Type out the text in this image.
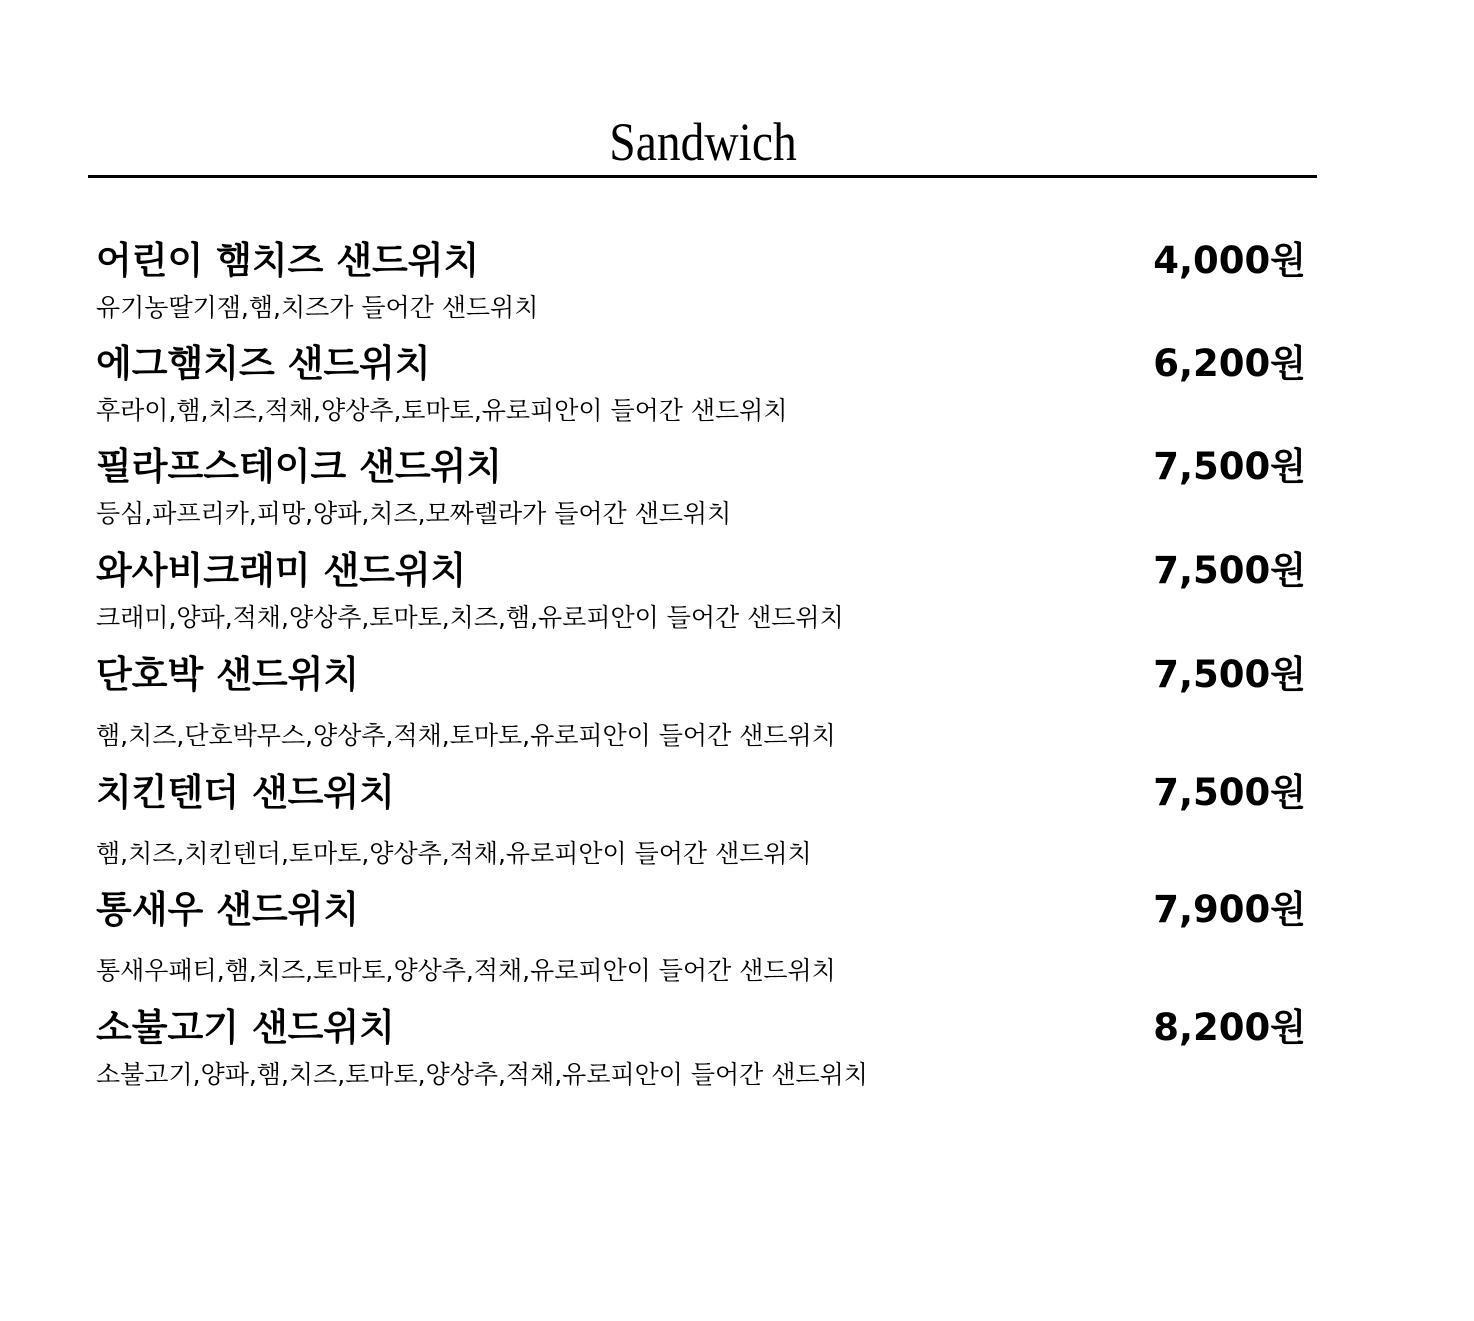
Sandwich
어린이 햄치즈 샌드위치	4,000원
유기농딸기잼,햄,치즈가 들어간 샌드위치
에그햄치즈 샌드위치	6,200원
후라이,햄,치즈,적채,양상추,토마토,유로피안이 들어간 샌드위치
필라프스테이크 샌드위치	7,500원
등심,파프리카,피망,양파,치즈,모짜렐라가 들어간 샌드위치
와사비크래미 샌드위치	7,500원
크래미,양파,적채,양상추,토마토,치즈,햄,유로피안이 들어간 샌드위치
단호박 샌드위치	7,500원
햄,치즈,단호박무스,양상추,적채,토마토,유로피안이 들어간 샌드위치
치킨텐더 샌드위치	7,500원
햄,치즈,치킨텐더,토마토,양상추,적채,유로피안이 들어간 샌드위치
통새우 샌드위치	7,900원
통새우패티,햄,치즈,토마토,양상추,적채,유로피안이 들어간 샌드위치
소불고기 샌드위치	8,200원
소불고기,양파,햄,치즈,토마토,양상추,적채,유로피안이 들어간 샌드위치
